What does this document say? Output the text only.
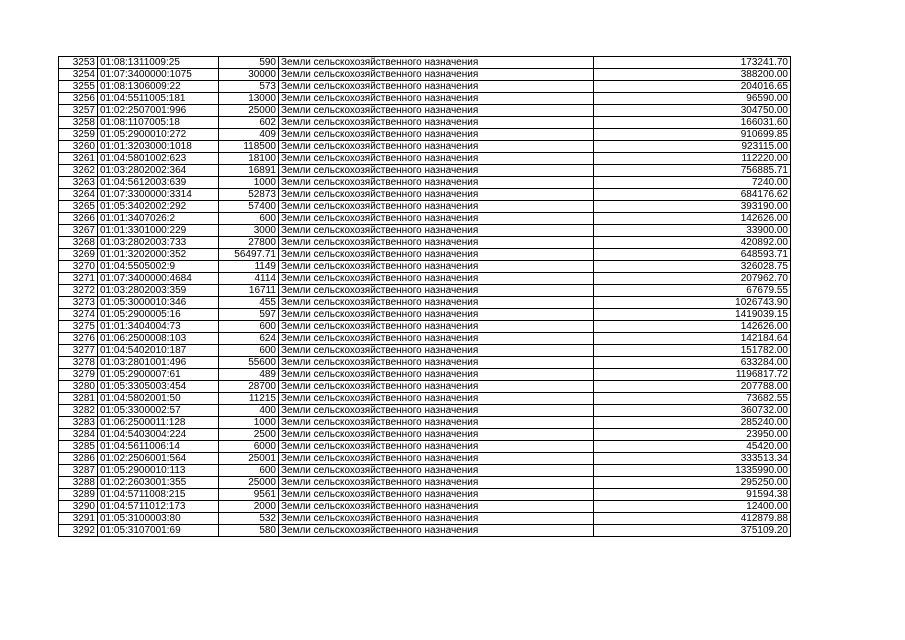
3253	01:08:1311009:25	590	Земли сельскохозяйственного назначения	173241.70
3254	01:07:3400000:1075	30000	Земли сельскохозяйственного назначения	388200.00
3255	01:08:1306009:22	573	Земли сельскохозяйственного назначения	204016.65
3256	01:04:5511005:181	13000	Земли сельскохозяйственного назначения	96590.00
3257	01:02:2507001:996	25000	Земли сельскохозяйственного назначения	304750.00
3258	01:08:1107005:18	602	Земли сельскохозяйственного назначения	166031.60
3259	01:05:2900010:272	409	Земли сельскохозяйственного назначения	910699.85
3260	01:01:3203000:1018	118500	Земли сельскохозяйственного назначения	923115.00
3261	01:04:5801002:623	18100	Земли сельскохозяйственного назначения	112220.00
3262	01:03:2802002:364	16891	Земли сельскохозяйственного назначения	756885.71
3263	01:04:5612003:639	1000	Земли сельскохозяйственного назначения	7240.00
3264	01:07:3300000:3314	52873	Земли сельскохозяйственного назначения	684176.62
3265	01:05:3402002:292	57400	Земли сельскохозяйственного назначения	393190.00
3266	01:01:3407026:2	600	Земли сельскохозяйственного назначения	142626.00
3267	01:01:3301000:229	3000	Земли сельскохозяйственного назначения	33900.00
3268	01:03:2802003:733	27800	Земли сельскохозяйственного назначения	420892.00
3269	01:01:3202000:352	56497.71	Земли сельскохозяйственного назначения	648593.71
3270	01:04:5505002:9	1149	Земли сельскохозяйственного назначения	326028.75
3271	01:07:3400000:4684	4114	Земли сельскохозяйственного назначения	207962.70
3272	01:03:2802003:359	16711	Земли сельскохозяйственного назначения	67679.55
3273	01:05:3000010:346	455	Земли сельскохозяйственного назначения	1026743.90
3274	01:05:2900005:16	597	Земли сельскохозяйственного назначения	1419039.15
3275	01:01:3404004:73	600	Земли сельскохозяйственного назначения	142626.00
3276	01:06:2500008:103	624	Земли сельскохозяйственного назначения	142184.64
3277	01:04:5402010:187	600	Земли сельскохозяйственного назначения	151782.00
3278	01:03:2801001:496	55600	Земли сельскохозяйственного назначения	633284.00
3279	01:05:2900007:61	489	Земли сельскохозяйственного назначения	1196817.72
3280	01:05:3305003:454	28700	Земли сельскохозяйственного назначения	207788.00
3281	01:04:5802001:50	11215	Земли сельскохозяйственного назначения	73682.55
3282	01:05:3300002:57	400	Земли сельскохозяйственного назначения	360732.00
3283	01:06:2500011:128	1000	Земли сельскохозяйственного назначения	285240.00
3284	01:04:5403004:224	2500	Земли сельскохозяйственного назначения	23950.00
3285	01:04:5611006:14	6000	Земли сельскохозяйственного назначения	45420.00
3286	01:02:2506001:564	25001	Земли сельскохозяйственного назначения	333513.34
3287	01:05:2900010:113	600	Земли сельскохозяйственного назначения	1335990.00
3288	01:02:2603001:355	25000	Земли сельскохозяйственного назначения	295250.00
3289	01:04:5711008:215	9561	Земли сельскохозяйственного назначения	91594.38
3290	01:04:5711012:173	2000	Земли сельскохозяйственного назначения	12400.00
3291	01:05:3100003:80	532	Земли сельскохозяйственного назначения	412879.88
3292	01:05:3107001:69	580	Земли сельскохозяйственного назначения	375109.20
